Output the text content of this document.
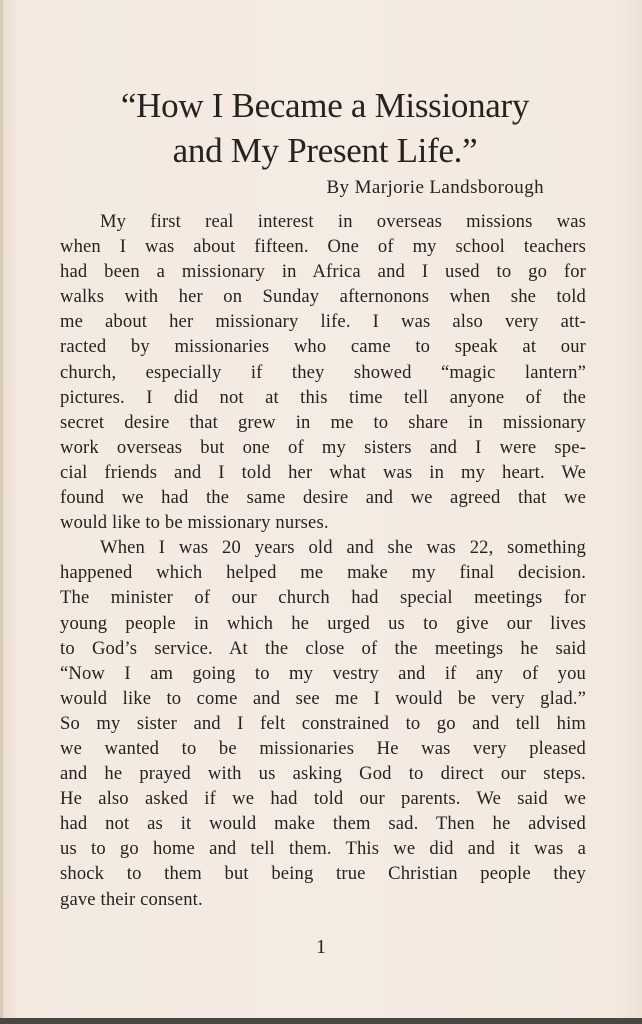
“How I Became a Missionary
and My Present Life.”
By Marjorie Landsborough
My first real interest in overseas missions was
when I was about fifteen. One of my school teachers
had been a missionary in Africa and I used to go for
walks with her on Sunday afternonons when she told
me about her missionary life. I was also very att-
racted by missionaries who came to speak at our
church, especially if they showed “magic lantern”
pictures. I did not at this time tell anyone of the
secret desire that grew in me to share in missionary
work overseas but one of my sisters and I were spe-
cial friends and I told her what was in my heart. We
found we had the same desire and we agreed that we
would like to be missionary nurses.
When I was 20 years old and she was 22, something
happened which helped me make my final decision.
The minister of our church had special meetings for
young people in which he urged us to give our lives
to God’s service. At the close of the meetings he said
“Now I am going to my vestry and if any of you
would like to come and see me I would be very glad.”
So my sister and I felt constrained to go and tell him
we wanted to be missionaries He was very pleased
and he prayed with us asking God to direct our steps.
He also asked if we had told our parents. We said we
had not as it would make them sad. Then he advised
us to go home and tell them. This we did and it was a
shock to them but being true Christian people they
gave their consent.
1
